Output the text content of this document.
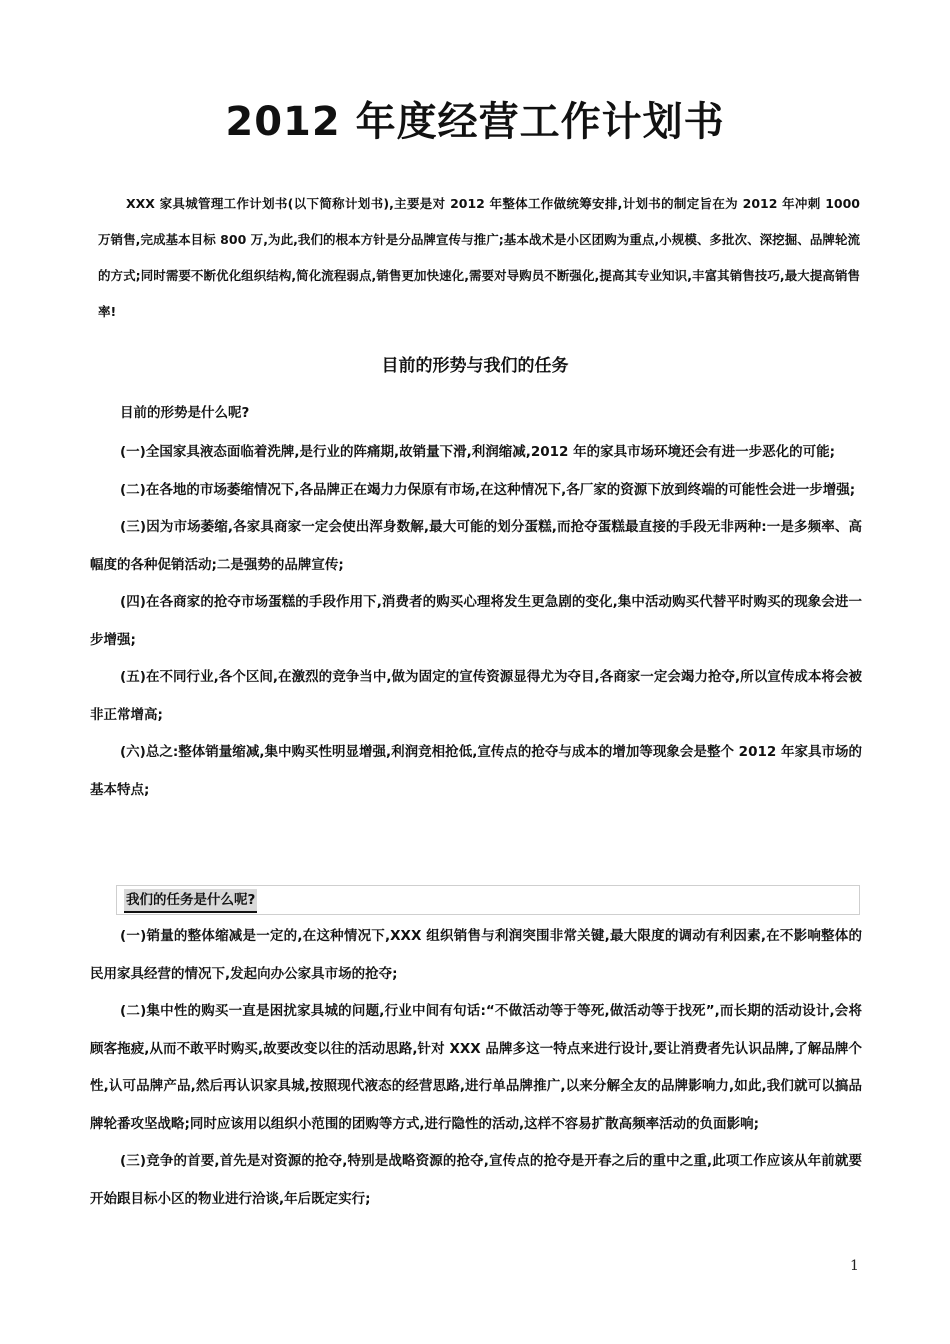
2012 年度经营工作计划书
XXX 家具城管理工作计划书(以下简称计划书),主要是对 2012 年整体工作做统筹安排,计划书的制定旨在为 2012 年冲刺 1000 万销售,完成基本目标 800 万,为此,我们的根本方针是分品牌宣传与推广;基本战术是小区团购为重点,小规模、多批次、深挖掘、品牌轮流的方式;同时需要不断优化组织结构,简化流程弱点,销售更加快速化,需要对导购员不断强化,提高其专业知识,丰富其销售技巧,最大提高销售率!
目前的形势与我们的任务
目前的形势是什么呢?

(一)全国家具液态面临着洗牌,是行业的阵痛期,故销量下滑,利润缩减,2012 年的家具市场环境还会有进一步恶化的可能;

(二)在各地的市场萎缩情况下,各品牌正在竭力力保原有市场,在这种情况下,各厂家的资源下放到终端的可能性会进一步增强;

(三)因为市场萎缩,各家具商家一定会使出浑身数解,最大可能的划分蛋糕,而抢夺蛋糕最直接的手段无非两种:一是多频率、高幅度的各种促销活动;二是强势的品牌宣传;

(四)在各商家的抢夺市场蛋糕的手段作用下,消费者的购买心理将发生更急剧的变化,集中活动购买代替平时购买的现象会进一步增强;

(五)在不同行业,各个区间,在激烈的竞争当中,做为固定的宣传资源显得尤为夺目,各商家一定会竭力抢夺,所以宣传成本将会被非正常增高;

(六)总之:整体销量缩减,集中购买性明显增强,利润竞相抢低,宣传点的抢夺与成本的增加等现象会是整个 2012 年家具市场的基本特点;

我们的任务是什么呢?

(一)销量的整体缩减是一定的,在这种情况下,XXX 组织销售与利润突围非常关键,最大限度的调动有利因素,在不影响整体的民用家具经营的情况下,发起向办公家具市场的抢夺;

(二)集中性的购买一直是困扰家具城的问题,行业中间有句话:“不做活动等于等死,做活动等于找死”,而长期的活动设计,会将顾客拖疲,从而不敢平时购买,故要改变以往的活动思路,针对 XXX 品牌多这一特点来进行设计,要让消费者先认识品牌,了解品牌个性,认可品牌产品,然后再认识家具城,按照现代液态的经营思路,进行单品牌推广,以来分解全友的品牌影响力,如此,我们就可以搞品牌轮番攻坚战略;同时应该用以组织小范围的团购等方式,进行隐性的活动,这样不容易扩散高频率活动的负面影响;

(三)竞争的首要,首先是对资源的抢夺,特别是战略资源的抢夺,宣传点的抢夺是开春之后的重中之重,此项工作应该从年前就要开始跟目标小区的物业进行洽谈,年后既定实行;

1
